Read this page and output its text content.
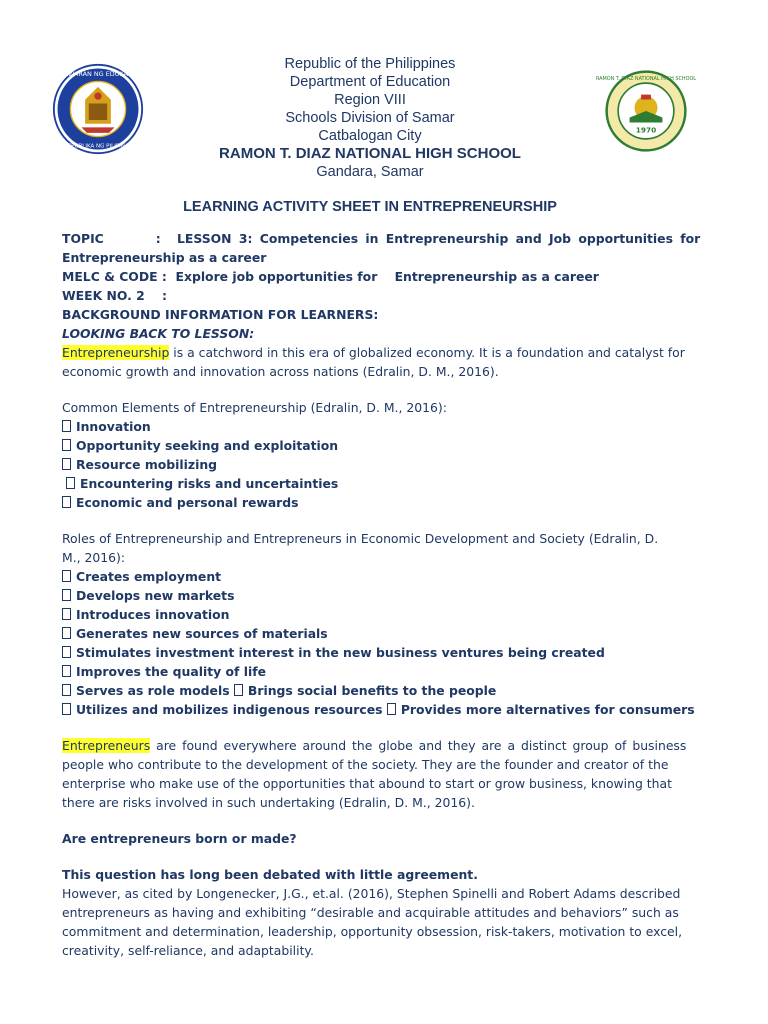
KAGAWARAN NG EDUKASYON
REPUBLIKA NG PILIPINAS
1970
RAMON T. DIAZ NATIONAL HIGH SCHOOL
Republic of the Philippines
Department of Education
Region VIII
Schools Division of Samar
Catbalogan City
RAMON T. DIAZ NATIONAL HIGH SCHOOL
Gandara, Samar
LEARNING ACTIVITY SHEET IN ENTREPRENEURSHIP
TOPIC	: LESSON 3: Competencies in Entrepreneurship and Job opportunities for
Entrepreneurship as a career
MELC & CODE :  Explore job opportunities for    Entrepreneurship as a career
WEEK NO. 2    :
BACKGROUND INFORMATION FOR LEARNERS:
LOOKING BACK TO LESSON:
Entrepreneurship is a catchword in this era of globalized economy. It is a foundation and catalyst for
economic growth and innovation across nations (Edralin, D. M., 2016).
Common Elements of Entrepreneurship (Edralin, D. M., 2016):
Innovation
Opportunity seeking and exploitation
Resource mobilizing
Encountering risks and uncertainties
Economic and personal rewards
Roles of Entrepreneurship and Entrepreneurs in Economic Development and Society (Edralin, D.
M., 2016):
Creates employment
Develops new markets
Introduces innovation
Generates new sources of materials
Stimulates investment interest in the new business ventures being created
Improves the quality of life
Serves as role models Brings social benefits to the people
Utilizes and mobilizes indigenous resources Provides more alternatives for consumers
Entrepreneurs are found everywhere around the globe and they are a distinct group of business
people who contribute to the development of the society. They are the founder and creator of the
enterprise who make use of the opportunities that abound to start or grow business, knowing that
there are risks involved in such undertaking (Edralin, D. M., 2016).
Are entrepreneurs born or made?
This question has long been debated with little agreement.
However, as cited by Longenecker, J.G., et.al. (2016), Stephen Spinelli and Robert Adams described
entrepreneurs as having and exhibiting “desirable and acquirable attitudes and behaviors” such as
commitment and determination, leadership, opportunity obsession, risk-takers, motivation to excel,
creativity, self-reliance, and adaptability.
